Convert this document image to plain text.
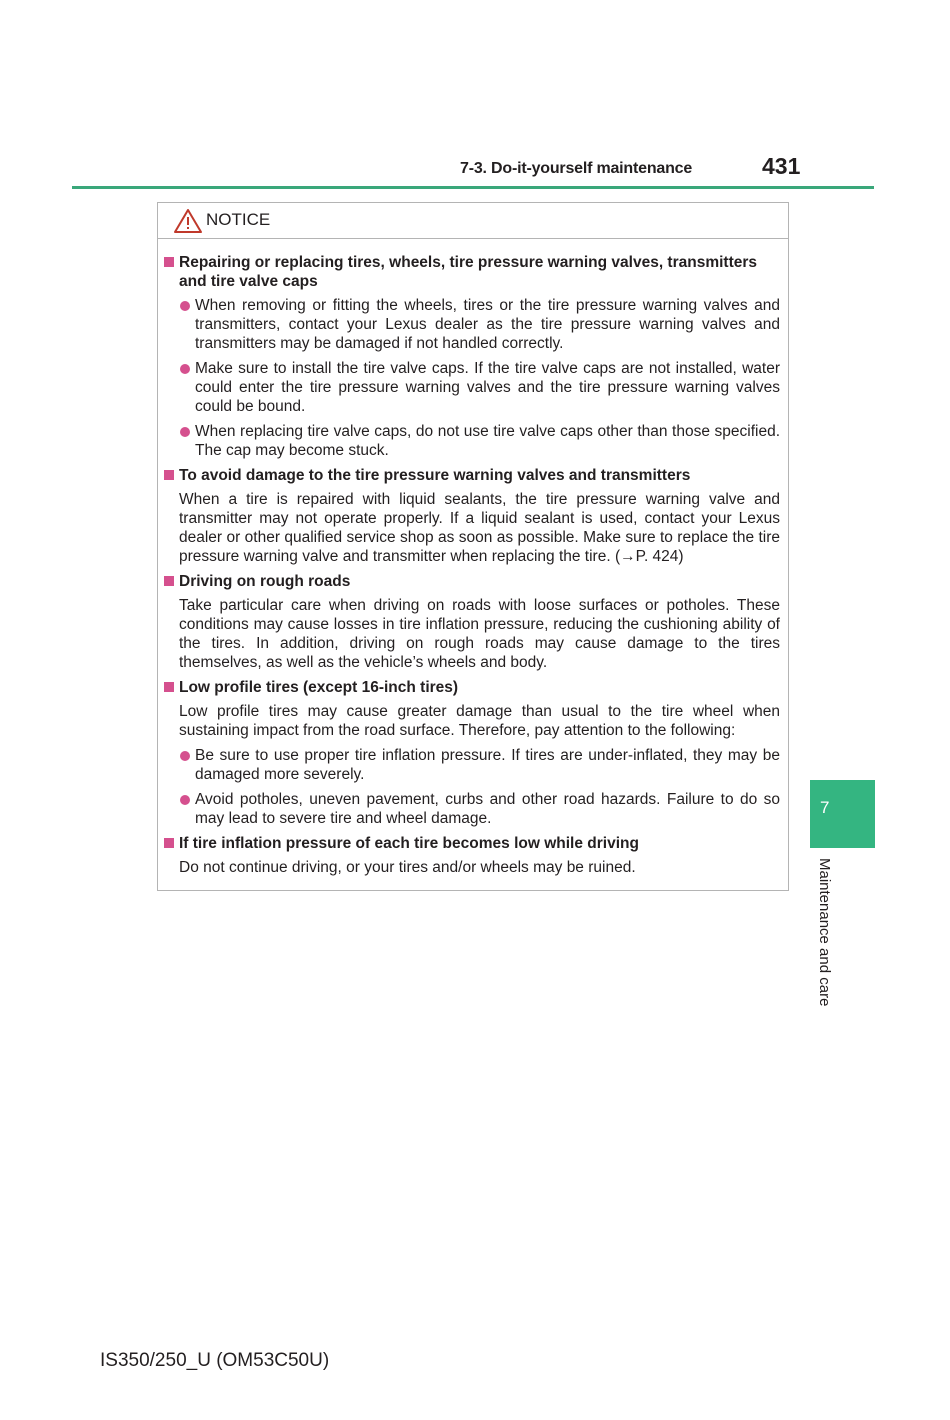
7-3. Do-it-yourself maintenance	431
7
Maintenance and care
NOTICE
Repairing or replacing tires, wheels, tire pressure warning valves, transmitters and tire valve caps
When removing or fitting the wheels, tires or the tire pressure warning valves and transmitters, contact your Lexus dealer as the tire pressure warning valves and transmitters may be damaged if not handled correctly.
Make sure to install the tire valve caps. If the tire valve caps are not installed, water could enter the tire pressure warning valves and the tire pressure warning valves could be bound.
When replacing tire valve caps, do not use tire valve caps other than those specified. The cap may become stuck.
To avoid damage to the tire pressure warning valves and transmitters
When a tire is repaired with liquid sealants, the tire pressure warning valve and transmitter may not operate properly. If a liquid sealant is used, contact your Lexus dealer or other qualified service shop as soon as possible. Make sure to replace the tire pressure warning valve and transmitter when replacing the tire. (→P. 424)
Driving on rough roads
Take particular care when driving on roads with loose surfaces or potholes. These conditions may cause losses in tire inflation pressure, reducing the cushioning ability of the tires. In addition, driving on rough roads may cause damage to the tires themselves, as well as the vehicle’s wheels and body.
Low profile tires (except 16-inch tires)
Low profile tires may cause greater damage than usual to the tire wheel when sustaining impact from the road surface. Therefore, pay attention to the following:
Be sure to use proper tire inflation pressure. If tires are under-inflated, they may be damaged more severely.
Avoid potholes, uneven pavement, curbs and other road hazards. Failure to do so may lead to severe tire and wheel damage.
If tire inflation pressure of each tire becomes low while driving
Do not continue driving, or your tires and/or wheels may be ruined.
IS350/250_U (OM53C50U)
